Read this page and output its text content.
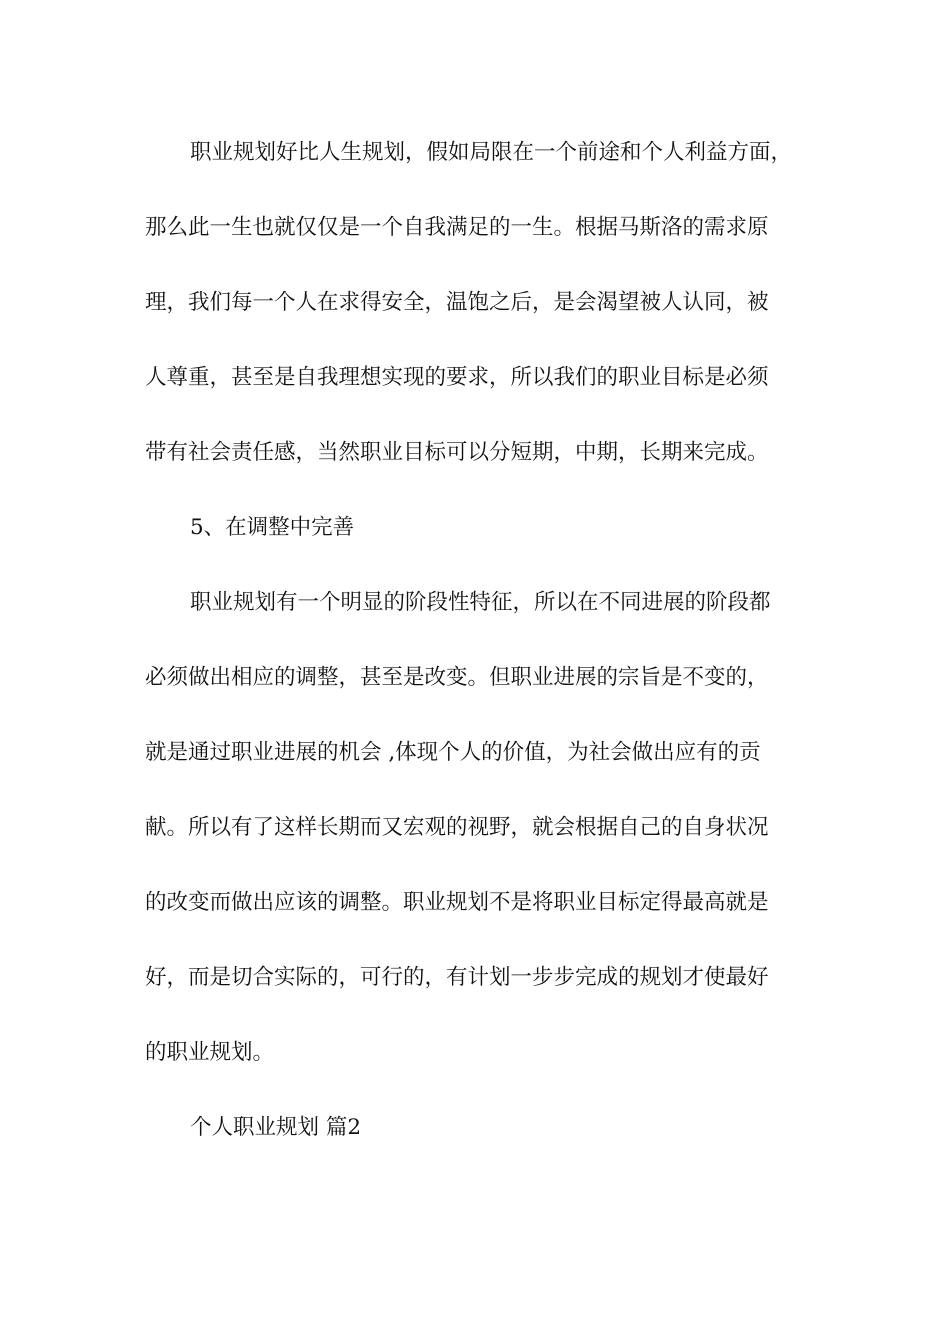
职业规划好比人生规划，假如局限在一个前途和个人利益方面，
那么此一生也就仅仅是一个自我满足的一生。根据马斯洛的需求原
理，我们每一个人在求得安全，温饱之后，是会渴望被人认同，被
人尊重，甚至是自我理想实现的要求，所以我们的职业目标是必须
带有社会责任感，当然职业目标可以分短期，中期，长期来完成。
5、在调整中完善
职业规划有一个明显的阶段性特征，所以在不同进展的阶段都
必须做出相应的调整，甚至是改变。但职业进展的宗旨是不变的，
就是通过职业进展的机会 ,体现个人的价值，为社会做出应有的贡
献。所以有了这样长期而又宏观的视野，就会根据自己的自身状况
的改变而做出应该的调整。职业规划不是将职业目标定得最高就是
好，而是切合实际的，可行的，有计划一步步完成的规划才使最好
的职业规划。
个人职业规划 篇2
